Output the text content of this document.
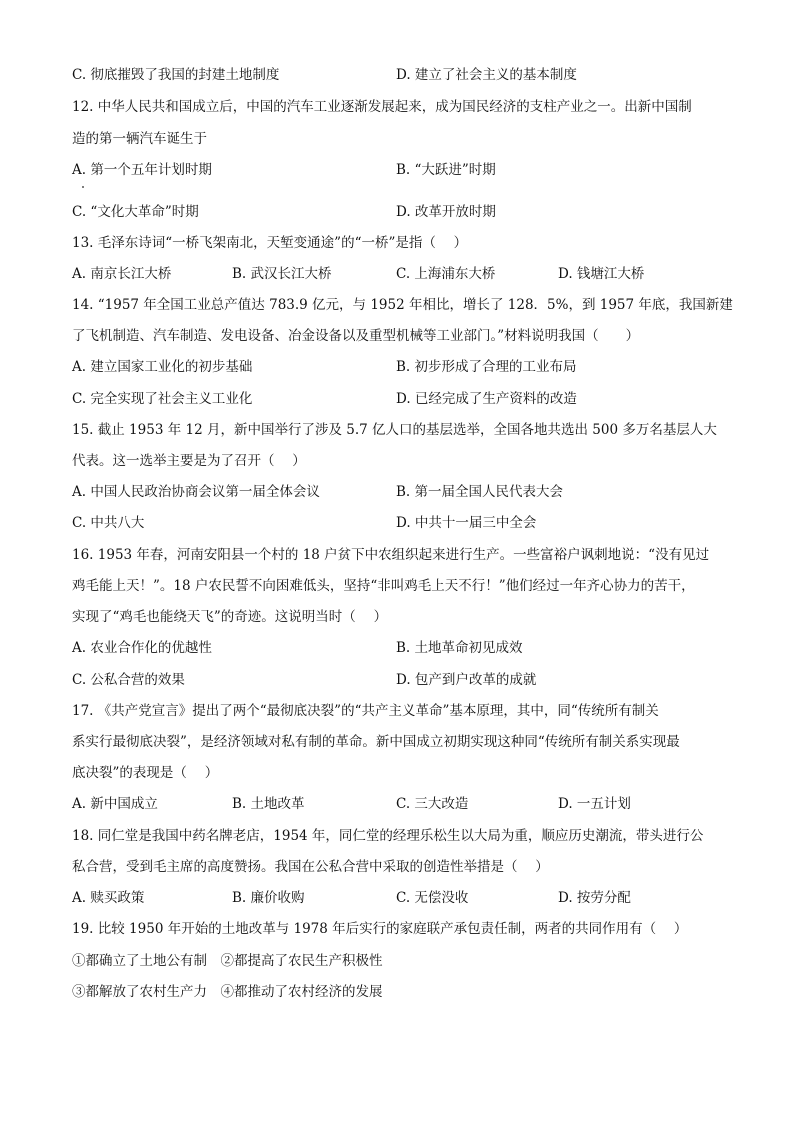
C. 彻底摧毁了我国的封建土地制度	D. 建立了社会主义的基本制度
12. 中华人民共和国成立后，中国的汽车工业逐渐发展起来，成为国民经济的支柱产业之一。出新中国制
造的第一辆汽车诞生于
A. 第一个五年计划时期	B. “大跃进”时期
C. “文化大革命”时期	D. 改革开放时期
13. 毛泽东诗词“一桥飞架南北，天堑变通途”的“一桥”是指（　 ）
A. 南京长江大桥	B. 武汉长江大桥	C. 上海浦东大桥	D. 钱塘江大桥
14. “1957 年全国工业总产值达 783.9 亿元，与 1952 年相比，增长了 128．5%，到 1957 年底，我国新建
了飞机制造、汽车制造、发电设备、冶金设备以及重型机械等工业部门。”材料说明我国（　　）
A. 建立国家工业化的初步基础	B. 初步形成了合理的工业布局
C. 完全实现了社会主义工业化	D. 已经完成了生产资料的改造
15. 截止 1953 年 12 月，新中国举行了涉及 5.7 亿人口的基层选举，全国各地共选出 500 多万名基层人大
代表。这一选举主要是为了召开（　 ）
A. 中国人民政治协商会议第一届全体会议	B. 第一届全国人民代表大会
C. 中共八大	D. 中共十一届三中全会
16. 1953 年春，河南安阳县一个村的 18 户贫下中农组织起来进行生产。一些富裕户讽刺地说：“没有见过
鸡毛能上天！”。18 户农民誓不向困难低头，坚持“非叫鸡毛上天不行！”他们经过一年齐心协力的苦干，
实现了“鸡毛也能绕天飞”的奇迹。这说明当时（　 ）
A. 农业合作化的优越性	B. 土地革命初见成效
C. 公私合营的效果	D. 包产到户改革的成就
17. 《共产党宣言》提出了两个“最彻底决裂”的“共产主义革命”基本原理，其中，同“传统所有制关
系实行最彻底决裂”，是经济领域对私有制的革命。新中国成立初期实现这种同“传统所有制关系实现最
底决裂”的表现是（　 ）
A. 新中国成立	B. 土地改革	C. 三大改造	D. 一五计划
18. 同仁堂是我国中药名牌老店，1954 年，同仁堂的经理乐松生以大局为重，顺应历史潮流，带头进行公
私合营，受到毛主席的高度赞扬。我国在公私合营中采取的创造性举措是（　 ）
A. 赎买政策	B. 廉价收购	C. 无偿没收	D. 按劳分配
19. 比较 1950 年开始的土地改革与 1978 年后实行的家庭联产承包责任制，两者的共同作用有（　 ）
①都确立了土地公有制　②都提高了农民生产积极性
③都解放了农村生产力　④都推动了农村经济的发展
